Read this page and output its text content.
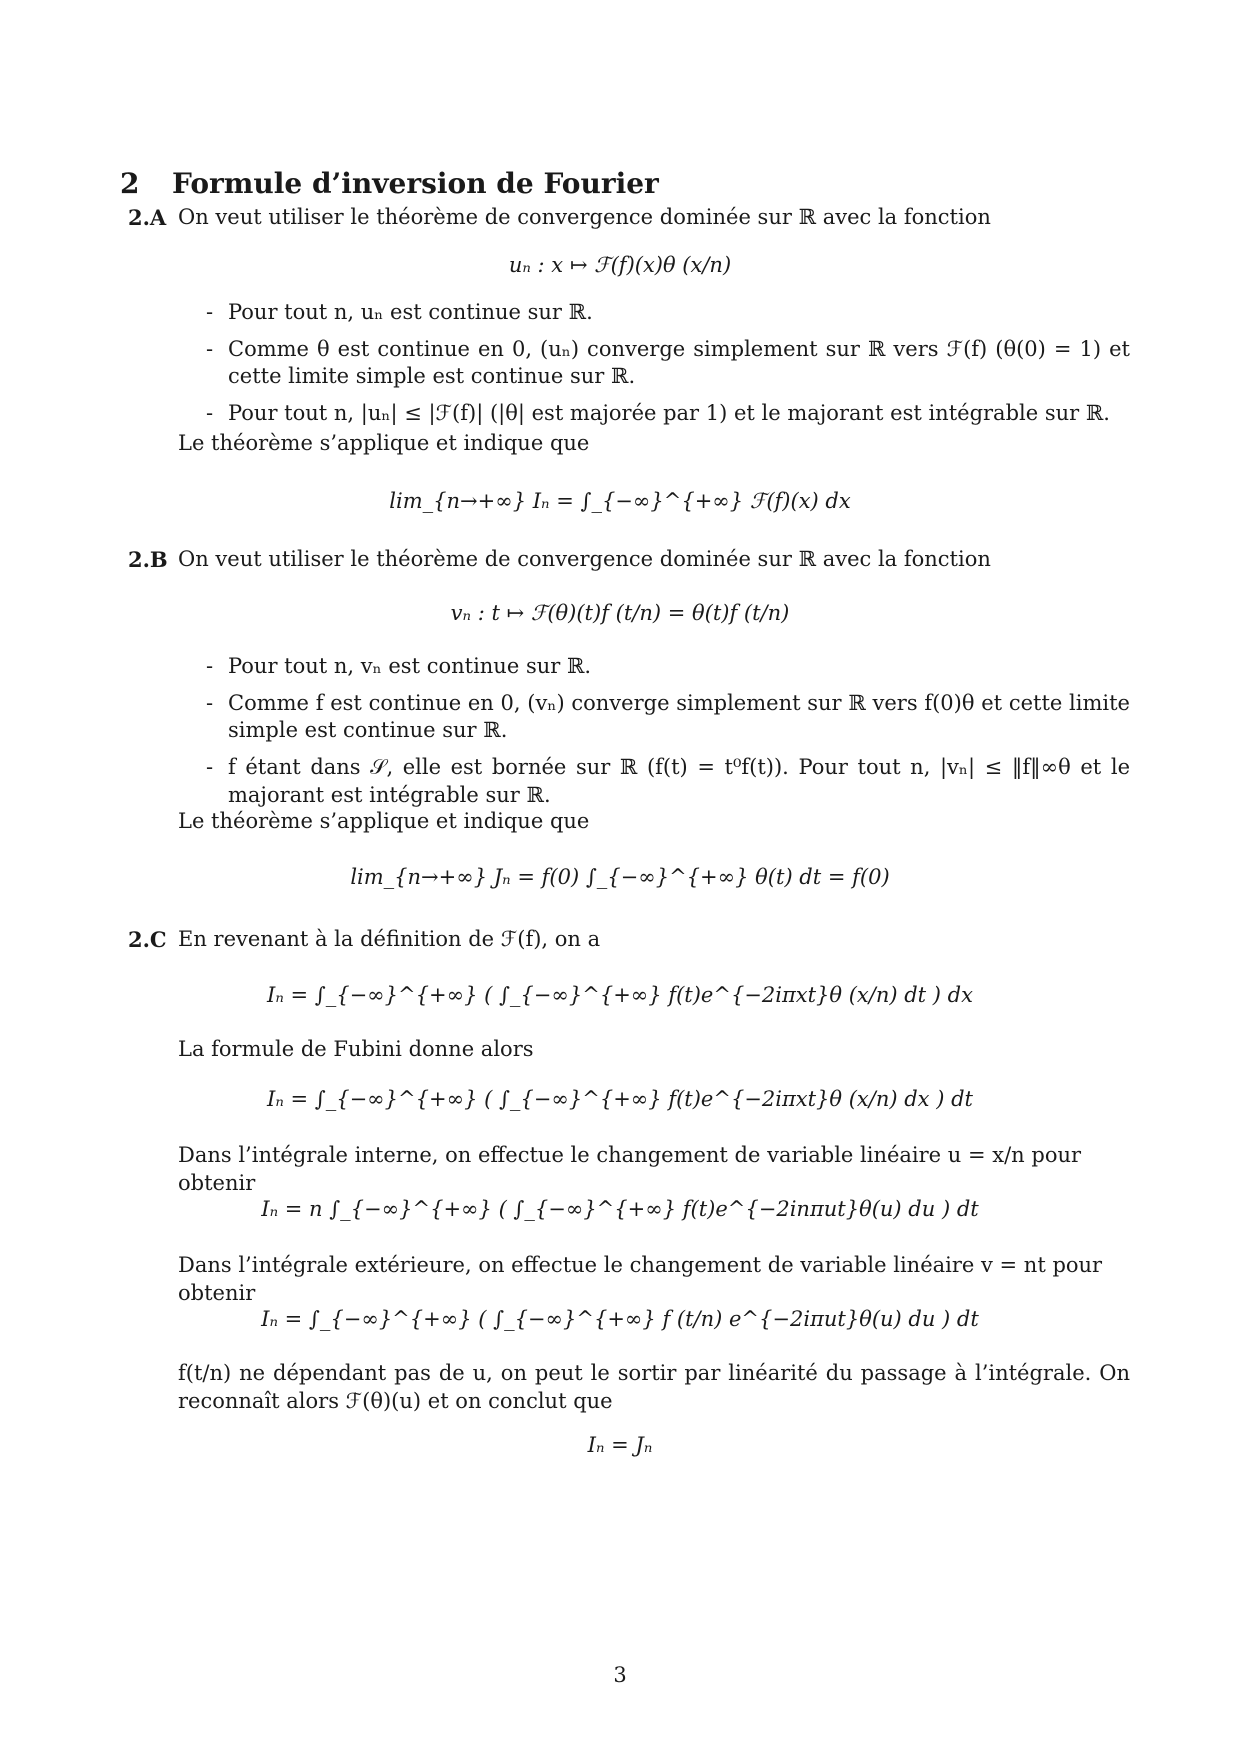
2 Formule d’inversion de Fourier
2.A On veut utiliser le théorème de convergence dominée sur ℝ avec la fonction
uₙ : x ↦ ℱ(f)(x)θ (x/n)
- Pour tout n, uₙ est continue sur ℝ.
- Comme θ est continue en 0, (uₙ) converge simplement sur ℝ vers ℱ(f) (θ(0) = 1) et cette limite simple est continue sur ℝ.
- Pour tout n, |uₙ| ≤ |ℱ(f)| (|θ| est majorée par 1) et le majorant est intégrable sur ℝ.
Le théorème s’applique et indique que
lim_{n→+∞} Iₙ = ∫_{−∞}^{+∞} ℱ(f)(x) dx
2.B On veut utiliser le théorème de convergence dominée sur ℝ avec la fonction
vₙ : t ↦ ℱ(θ)(t)f (t/n) = θ(t)f (t/n)
- Pour tout n, vₙ est continue sur ℝ.
- Comme f est continue en 0, (vₙ) converge simplement sur ℝ vers f(0)θ et cette limite simple est continue sur ℝ.
- f étant dans 𝒮, elle est bornée sur ℝ (f(t) = t⁰f(t)). Pour tout n, |vₙ| ≤ ‖f‖∞θ et le majorant est intégrable sur ℝ.
Le théorème s’applique et indique que
lim_{n→+∞} Jₙ = f(0) ∫_{−∞}^{+∞} θ(t) dt = f(0)
2.C En revenant à la définition de ℱ(f), on a
Iₙ = ∫_{−∞}^{+∞} ( ∫_{−∞}^{+∞} f(t)e^{−2iπxt}θ (x/n) dt ) dx
La formule de Fubini donne alors
Iₙ = ∫_{−∞}^{+∞} ( ∫_{−∞}^{+∞} f(t)e^{−2iπxt}θ (x/n) dx ) dt
Dans l’intégrale interne, on effectue le changement de variable linéaire u = x/n pour obtenir
Iₙ = n ∫_{−∞}^{+∞} ( ∫_{−∞}^{+∞} f(t)e^{−2inπut}θ(u) du ) dt
Dans l’intégrale extérieure, on effectue le changement de variable linéaire v = nt pour obtenir
Iₙ = ∫_{−∞}^{+∞} ( ∫_{−∞}^{+∞} f (t/n) e^{−2iπut}θ(u) du ) dt
f(t/n) ne dépendant pas de u, on peut le sortir par linéarité du passage à l’intégrale. On reconnaît alors ℱ(θ)(u) et on conclut que
Iₙ = Jₙ
3
